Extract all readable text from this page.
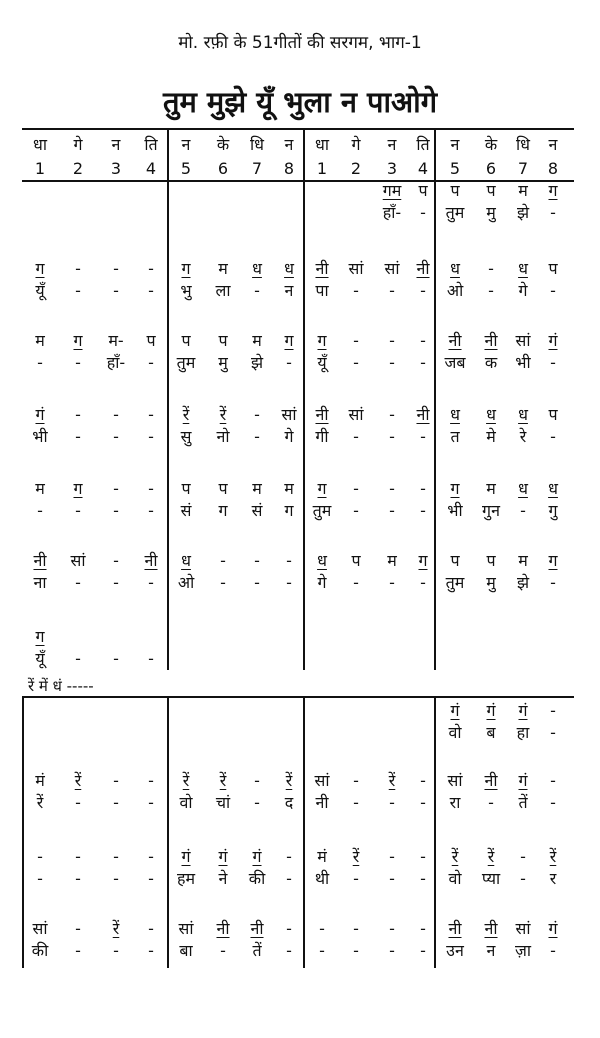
मो. रफ़ी के 51गीतों की सरगम, भाग-1
तुम मुझे यूँ भुला न पाओगे
धा गे न ति न के धि न धा गे न ति न के धि न
1 2 3 4 5 6 7 8 1 2 3 4 5 6 7 8
गम प प प म ग
हाँ- - तुम मु झे -
ग - - - ग म ध ध नी सां सां नी ध - ध प
यूँ - - - भु ला - न पा - - - ओ - गे -
म ग म- प प प म ग ग - - - नी नी सां गं
- - हाँ- - तुम मु झे - यूँ - - - जब क भी -
गं - - - रें रें - सां नी सां - नी ध ध ध प
भी - - - सु नो - गे गी - - - त मे रे -
म ग - - प प म म ग - - - ग म ध ध
- - - - सं ग सं ग तुम - - - भी गुन - गु
नी सां - नी ध - - - ध प म ग प प म ग
ना - - - ओ - - - गे - - - तुम मु झे -
ग
यूँ - - -
रें में धं -----
गं गं गं -
वो ब हा -
मं रें - - रें रें - रें सां - रें - सां नी गं -
रें - - - वो चां - द नी - - - रा - तें -
- - - - गं गं गं - मं रें - - रें रें - रें
- - - - हम ने की - थी - - - वो प्या - र
सां - रें - सां नी नी - - - - - नी नी सां गं
की - - - बा - तें - - - - - उन न ज़ा -
